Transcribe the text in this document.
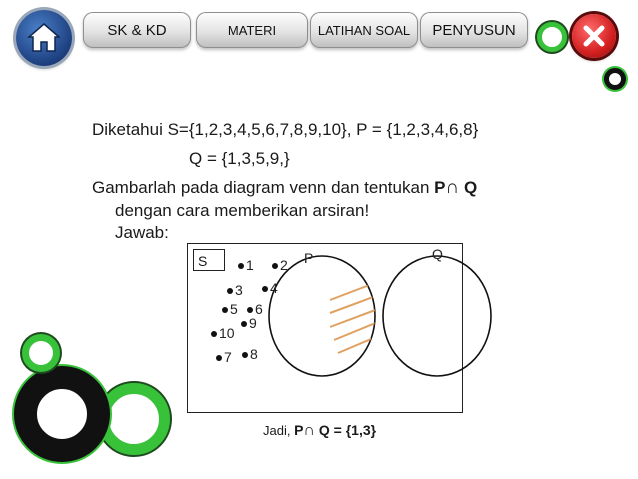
SK & KD	MATERI	LATIHAN SOAL	PENYUSUN
Diketahui S={1,2,3,4,5,6,7,8,9,10}, P = {1,2,3,4,6,8}
Q = {1,3,5,9,}
Gambarlah pada diagram venn dan tentukan P∩ Q
dengan cara memberikan arsiran!
Jawab:
S	P	Q
1	2
3	4
5	6
9
10
7	8
Jadi, P∩ Q = {1,3}
